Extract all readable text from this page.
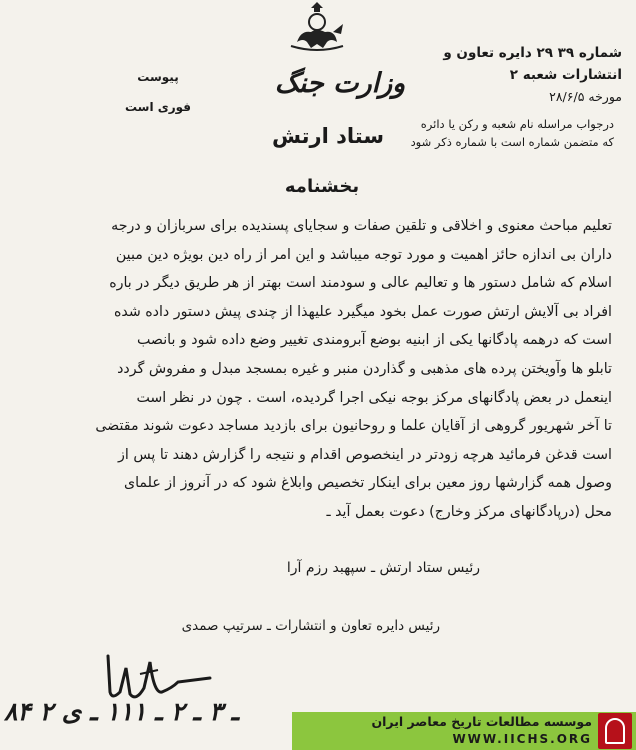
شماره ۳۹ ۲۹ دایره تعاون و انتشارات شعبه ۲
مورخه ۲۸/۶/۵
درجواب مراسله نام شعبه و رکن یا دائره
که متضمن شماره است با شماره ذکر شود
وزارت جنگ
ستاد ارتش
بخشنامه
پیوست
فوری است

تعلیم مباحث معنوی و اخلاقی و تلقین صفات و سجایای پسندیده برای سربازان و درجه

داران بی اندازه حائز اهمیت و مورد توجه میباشد و این امر از راه دین بویژه دین مبین

اسلام که شامل دستور ها و تعالیم عالی و سودمند است بهتر از هر طریق دیگر در باره

افراد بی آلایش ارتش صورت عمل بخود میگیرد علیهذا از چندی پیش دستور داده شده

است که درهمه پادگانها یکی از ابنیه بوضع آبرومندی تغییر وضع داده شود و بانصب

تابلو ها وآویختن پرده های مذهبی و گذاردن منبر و غیره بمسجد مبدل و مفروش گردد

اینعمل در بعض پادگانهای مرکز بوجه نیکی اجرا گردیده، است . چون در نظر است

تا آخر شهریور گروهی از آقایان علما و روحانیون برای بازدید مساجد دعوت شوند مقتضی

است قدغن فرمائید هرچه زودتر در اینخصوص اقدام و نتیجه را گزارش دهند تا پس از

وصول همه گزارشها روز معین برای اینکار تخصیص وابلاغ شود که در آنروز از علمای

محل (درپادگانهای مرکز وخارج) دعوت بعمل آید ـ

رئیس ستاد ارتش ـ سپهبد رزم آرا
رئیس دایره تعاون و انتشارات ـ سرتیپ صمدی
۸۴ ـ ۳ ـ ۲ ـ ۱۱۱ ـ ی ۲	موسسه مطالعات تاریخ معاصر ایران
WWW.IICHS.ORG
